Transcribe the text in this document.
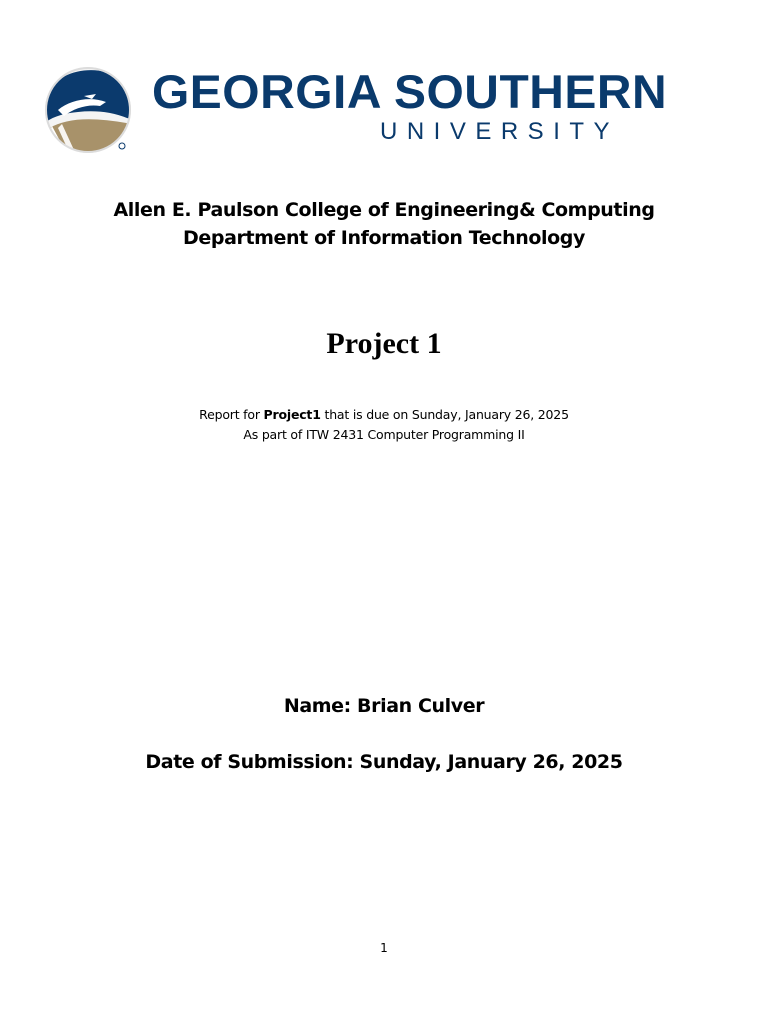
GEORGIA SOUTHERN
UNIVERSITY
Allen E. Paulson College of Engineering& Computing
Department of Information Technology
Project 1
Report for Project1 that is due on Sunday, January 26, 2025
As part of ITW 2431 Computer Programming II
Name: Brian Culver
Date of Submission: Sunday, January 26, 2025
1
